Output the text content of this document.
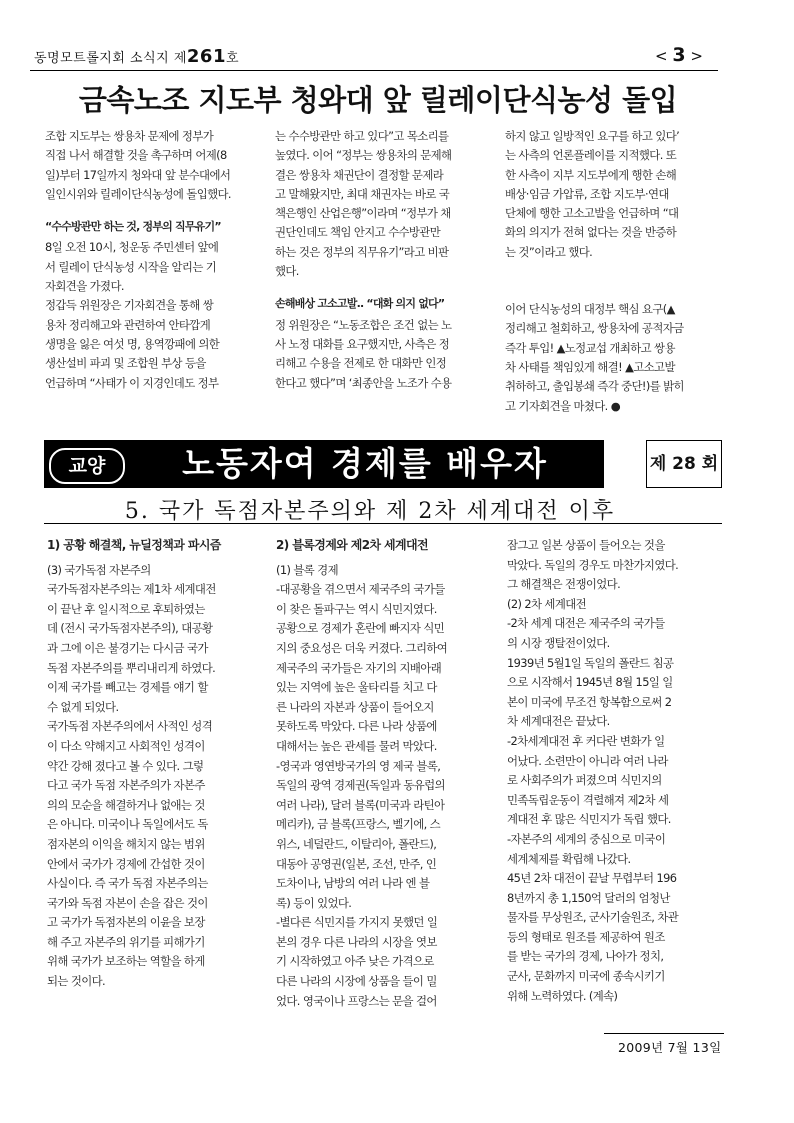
동명모트롤지회 소식지 제261호	< 3 >
금속노조 지도부 청와대 앞 릴레이단식농성 돌입

조합 지도부는 쌍용차 문제에 정부가

직접 나서 해결할 것을 촉구하며 어제(8

일)부터 17일까지 청와대 앞 분수대에서

일인시위와 릴레이단식농성에 돌입했다.

“수수방관만 하는 것, 정부의 직무유기”

8일 오전 10시, 청운동 주민센터 앞에

서 릴레이 단식농성 시작을 알리는 기

자회견을 가졌다.

정갑득 위원장은 기자회견을 통해 쌍

용차 정리해고와 관련하여 안타깝게

생명을 잃은 여섯 명, 용역깡패에 의한

생산설비 파괴 및 조합원 부상 등을

언급하며 “사태가 이 지경인데도 정부

는 수수방관만 하고 있다”고 목소리를

높였다. 이어 “정부는 쌍용차의 문제해

결은 쌍용차 채권단이 결정할 문제라

고 말해왔지만, 최대 채권자는 바로 국

책은행인 산업은행”이라며 “정부가 채

권단인데도 책임 안지고 수수방관만

하는 것은 정부의 직무유기”라고 비판

했다.

손해배상 고소고발.. “대화 의지 없다”

정 위원장은 “노동조합은 조건 없는 노

사 노정 대화를 요구했지만, 사측은 정

리해고 수용을 전제로 한 대화만 인정

한다고 했다”며 ‘최종안을 노조가 수용

하지 않고 일방적인 요구를 하고 있다’

는 사측의 언론플레이를 지적했다. 또

한 사측이 지부 지도부에게 행한 손해

배상·임금 가압류, 조합 지도부·연대

단체에 행한 고소고발을 언급하며 “대

화의 의지가 전혀 없다는 것을 반증하

는 것”이라고 했다.

이어 단식농성의 대정부 핵심 요구(▲

정리해고 철회하고, 쌍용차에 공적자금

즉각 투입! ▲노정교섭 개최하고 쌍용

차 사태를 책임있게 해결! ▲고소고발

취하하고, 출입봉쇄 즉각 중단!)를 밝히

고 기자회견을 마쳤다. ●

교양	노동자여 경제를 배우자	제 28 회
5. 국가 독점자본주의와 제 2차 세계대전 이후

1) 공황 해결책, 뉴딜정책과 파시즘

(3) 국가독점 자본주의

국가독점자본주의는 제1차 세계대전

이 끝난 후 일시적으로 후퇴하였는

데 (전시 국가독점자본주의), 대공황

과 그에 이은 불경기는 다시금 국가

독점 자본주의를 뿌리내리게 하였다.

이제 국가를 빼고는 경제를 얘기 할

수 없게 되었다.

국가독점 자본주의에서 사적인 성격

이 다소 약해지고 사회적인 성격이

약간 강해 졌다고 볼 수 있다. 그렇

다고 국가 독점 자본주의가 자본주

의의 모순을 해결하거나 없애는 것

은 아니다. 미국이나 독일에서도 독

점자본의 이익을 해치지 않는 범위

안에서 국가가 경제에 간섭한 것이

사실이다. 즉 국가 독점 자본주의는

국가와 독점 자본이 손을 잡은 것이

고 국가가 독점자본의 이윤을 보장

해 주고 자본주의 위기를 피해가기

위해 국가가 보조하는 역할을 하게

되는 것이다.

2) 블록경제와 제2차 세계대전

(1) 블록 경제

-대공황을 겪으면서 제국주의 국가들

이 찾은 돌파구는 역시 식민지였다.

공황으로 경제가 혼란에 빠지자 식민

지의 중요성은 더욱 커졌다. 그리하여

제국주의 국가들은 자기의 지배아래

있는 지역에 높은 울타리를 치고 다

른 나라의 자본과 상품이 들어오지

못하도록 막았다. 다른 나라 상품에

대해서는 높은 관세를 물려 막았다.

-영국과 영연방국가의 영 제국 블록,

독일의 광역 경제권(독일과 동유럽의

여러 나라), 달러 블록(미국과 라틴아

메리카), 금 블록(프랑스, 벨기에, 스

위스, 네덜란드, 이탈리아, 폴란드),

대동아 공영권(일본, 조선, 만주, 인

도차이나, 남방의 여러 나라 엔 블

록) 등이 있었다.

-별다른 식민지를 가지지 못했던 일

본의 경우 다른 나라의 시장을 엿보

기 시작하였고 아주 낮은 가격으로

다른 나라의 시장에 상품을 들이 밀

었다. 영국이나 프랑스는 문을 걸어

잠그고 일본 상품이 들어오는 것을

막았다. 독일의 경우도 마찬가지였다.

그 해결책은 전쟁이었다.

(2) 2차 세계대전

-2차 세계 대전은 제국주의 국가들

의 시장 쟁탈전이었다.

1939년 5월1일 독일의 폴란드 침공

으로 시작해서 1945년 8월 15일 일

본이 미국에 무조건 항복함으로써 2

차 세계대전은 끝났다.

-2차세계대전 후 커다란 변화가 일

어났다. 소련만이 아니라 여러 나라

로 사회주의가 퍼졌으며 식민지의

민족독립운동이 격렬해져 제2차 세

계대전 후 많은 식민지가 독립 했다.

-자본주의 세계의 중심으로 미국이

세계체제를 확립해 나갔다.

45년 2차 대전이 끝날 무렵부터 196

8년까지 총 1,150억 달러의 엄청난

물자를 무상원조, 군사기술원조, 차관

등의 형태로 원조를 제공하여 원조

를 받는 국가의 경제, 나아가 정치,

군사, 문화까지 미국에 종속시키기

위해 노력하였다. (계속)

2009년 7월 13일
